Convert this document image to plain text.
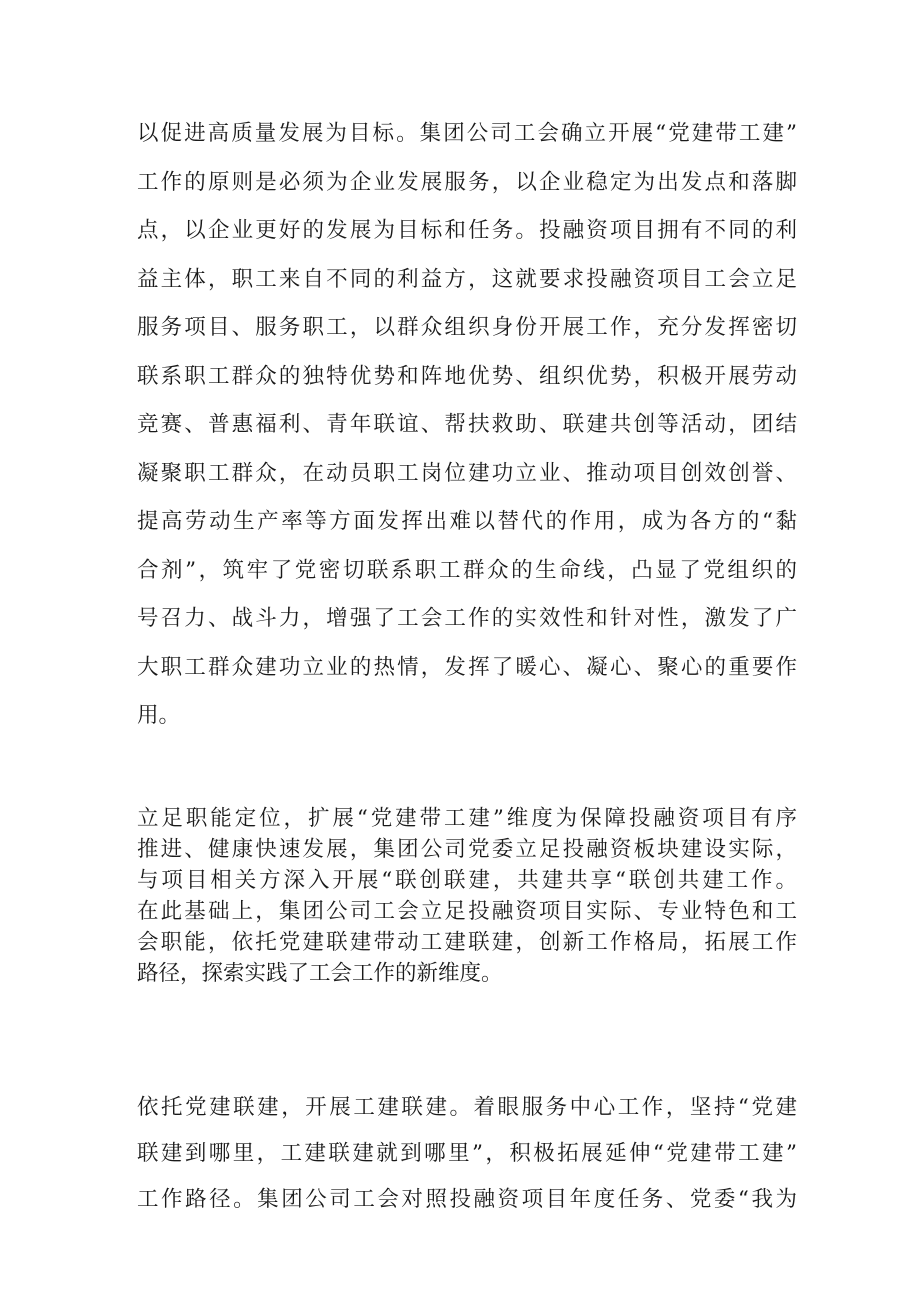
以促进高质量发展为目标。集团公司工会确立开展“党建带工建”
工作的原则是必须为企业发展服务，以企业稳定为出发点和落脚
点，以企业更好的发展为目标和任务。投融资项目拥有不同的利
益主体，职工来自不同的利益方，这就要求投融资项目工会立足
服务项目、服务职工，以群众组织身份开展工作，充分发挥密切
联系职工群众的独特优势和阵地优势、组织优势，积极开展劳动
竞赛、普惠福利、青年联谊、帮扶救助、联建共创等活动，团结
凝聚职工群众，在动员职工岗位建功立业、推动项目创效创誉、
提高劳动生产率等方面发挥出难以替代的作用，成为各方的“黏
合剂”，筑牢了党密切联系职工群众的生命线，凸显了党组织的
号召力、战斗力，增强了工会工作的实效性和针对性，激发了广
大职工群众建功立业的热情，发挥了暖心、凝心、聚心的重要作
用。

立足职能定位，扩展“党建带工建”维度为保障投融资项目有序
推进、健康快速发展，集团公司党委立足投融资板块建设实际，
与项目相关方深入开展“联创联建，共建共享“联创共建工作。
在此基础上，集团公司工会立足投融资项目实际、专业特色和工
会职能，依托党建联建带动工建联建，创新工作格局，拓展工作
路径，探索实践了工会工作的新维度。

依托党建联建，开展工建联建。着眼服务中心工作，坚持“党建
联建到哪里，工建联建就到哪里”，积极拓展延伸“党建带工建”
工作路径。集团公司工会对照投融资项目年度任务、党委“我为
